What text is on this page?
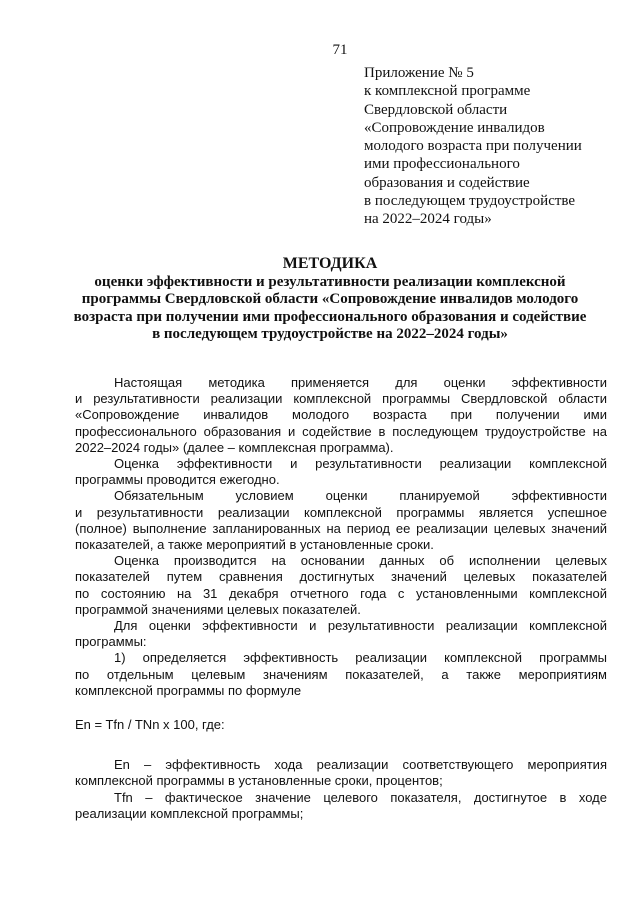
71
Приложение № 5
к комплексной программе
Свердловской области
«Сопровождение инвалидов
молодого возраста при получении
ими профессионального
образования и содействие
в последующем трудоустройстве
на 2022–2024 годы»
МЕТОДИКА
оценки эффективности и результативности реализации комплексной
программы Свердловской области «Сопровождение инвалидов молодого
возраста при получении ими профессионального образования и содействие
в последующем трудоустройстве на 2022–2024 годы»

Настоящая методика применяется для оценки эффективности
и результативности реализации комплексной программы Свердловской области
«Сопровождение инвалидов молодого возраста при получении ими
профессионального образования и содействие в последующем трудоустройстве на
2022–2024 годы» (далее – комплексная программа).

Оценка эффективности и результативности реализации комплексной
программы проводится ежегодно.

Обязательным условием оценки планируемой эффективности
и результативности реализации комплексной программы является успешное
(полное) выполнение запланированных на период ее реализации целевых значений
показателей, а также мероприятий в установленные сроки.

Оценка производится на основании данных об исполнении целевых
показателей путем сравнения достигнутых значений целевых показателей
по состоянию на 31 декабря отчетного года с установленными комплексной
программой значениями целевых показателей.

Для оценки эффективности и результативности реализации комплексной
программы:

1) определяется эффективность реализации комплексной программы
по отдельным целевым значениям показателей, а также мероприятиям
комплексной программы по формуле

En = Tfn / TNn x 100, где:

En – эффективность хода реализации соответствующего мероприятия
комплексной программы в установленные сроки, процентов;

Tfn – фактическое значение целевого показателя, достигнутое в ходе
реализации комплексной программы;
